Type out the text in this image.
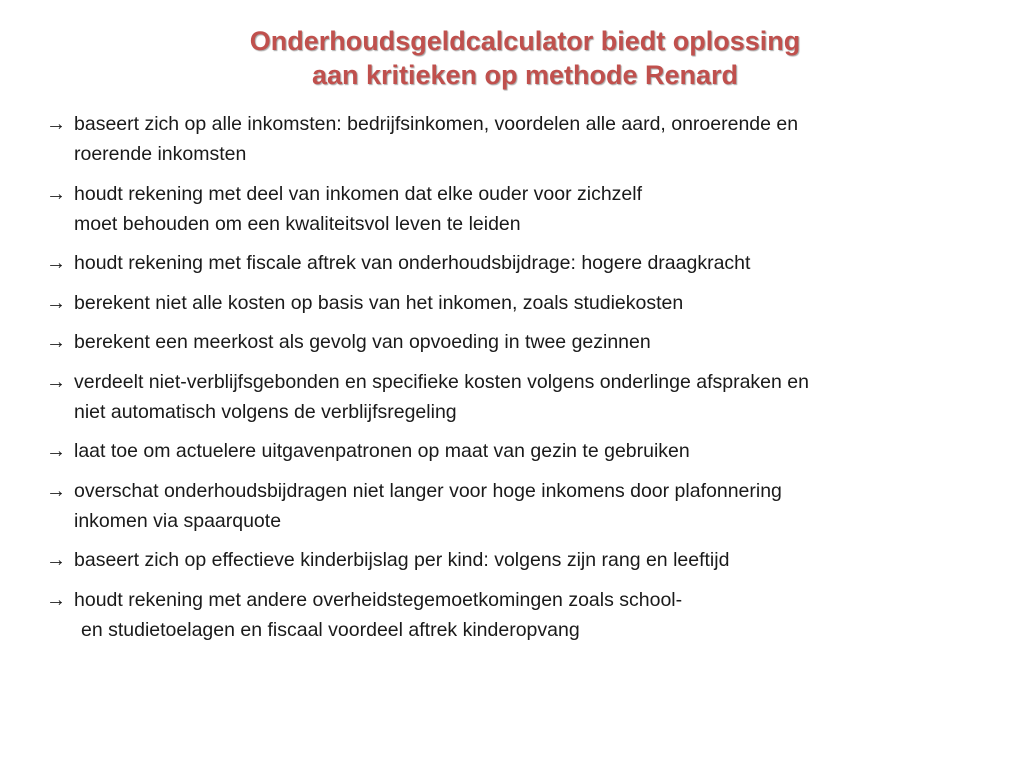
Onderhoudsgeldcalculator biedt oplossing
aan kritieken op methode Renard
→ baseert zich op alle inkomsten: bedrijfsinkomen, voordelen alle aard, onroerende en
roerende inkomsten
→ houdt rekening met deel van inkomen dat elke ouder voor zichzelf
moet behouden om een kwaliteitsvol leven te leiden
→ houdt rekening met fiscale aftrek van onderhoudsbijdrage: hogere draagkracht
→ berekent niet alle kosten op basis van het inkomen, zoals studiekosten
→ berekent een meerkost als gevolg van opvoeding in twee gezinnen
→ verdeelt niet-verblijfsgebonden en specifieke kosten volgens onderlinge afspraken en
niet automatisch volgens de verblijfsregeling
→ laat toe om actuelere uitgavenpatronen op maat van gezin te gebruiken
→ overschat onderhoudsbijdragen niet langer voor hoge inkomens door plafonnering
inkomen via spaarquote
→ baseert zich op effectieve kinderbijslag per kind: volgens zijn rang en leeftijd
→ houdt rekening met andere overheidstegemoetkomingen zoals school-
en studietoelagen en fiscaal voordeel aftrek kinderopvang
